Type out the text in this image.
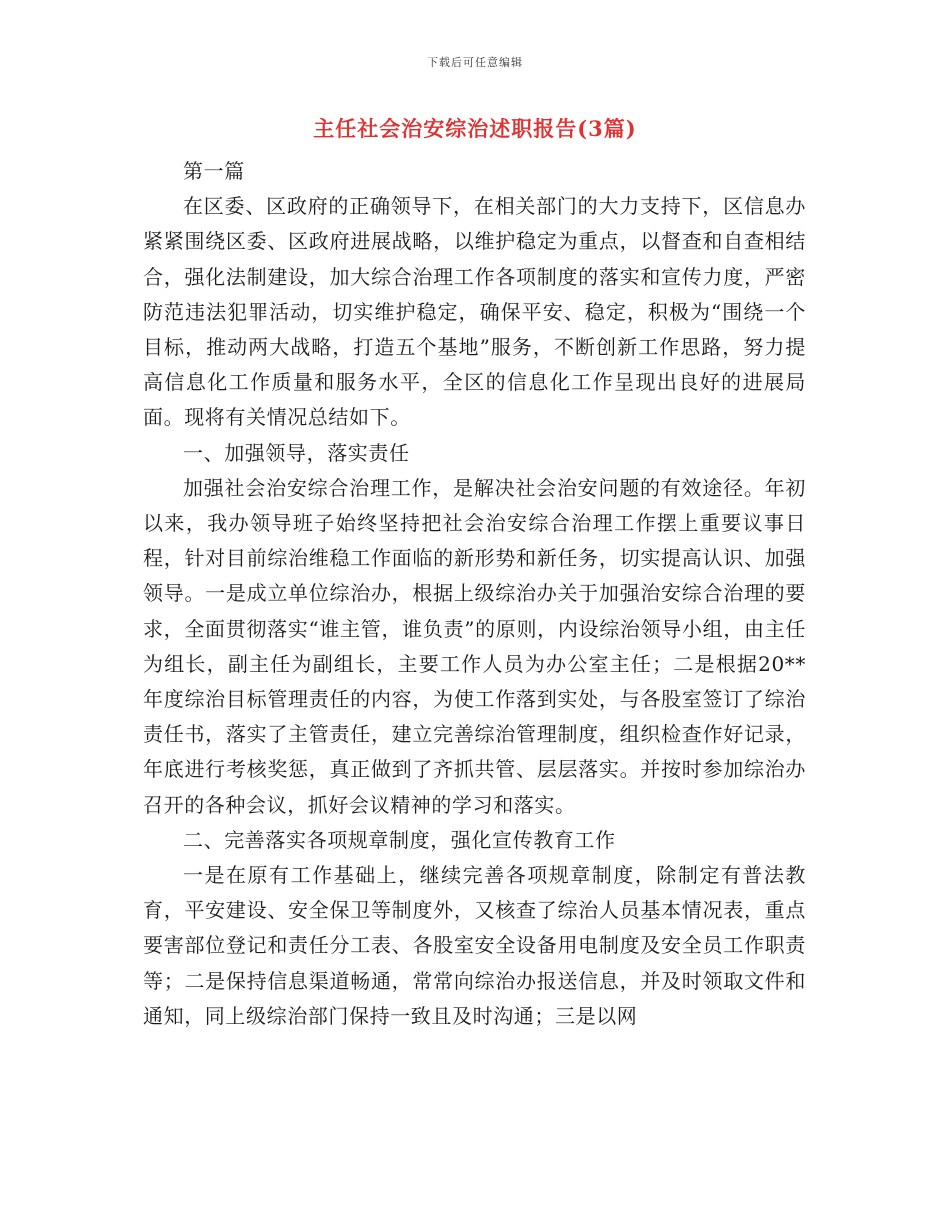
下载后可任意编辑
主任社会治安综治述职报告(3篇)

第一篇

在区委、区政府的正确领导下，在相关部门的大力支持下，区信息办紧紧围绕区委、区政府进展战略，以维护稳定为重点，以督查和自查相结合，强化法制建设，加大综合治理工作各项制度的落实和宣传力度，严密防范违法犯罪活动，切实维护稳定，确保平安、稳定，积极为“围绕一个目标，推动两大战略，打造五个基地”服务，不断创新工作思路，努力提高信息化工作质量和服务水平，全区的信息化工作呈现出良好的进展局面。现将有关情况总结如下。

一、加强领导，落实责任

加强社会治安综合治理工作，是解决社会治安问题的有效途径。年初以来，我办领导班子始终坚持把社会治安综合治理工作摆上重要议事日程，针对目前综治维稳工作面临的新形势和新任务，切实提高认识、加强领导。一是成立单位综治办，根据上级综治办关于加强治安综合治理的要求，全面贯彻落实“谁主管，谁负责”的原则，内设综治领导小组，由主任为组长，副主任为副组长，主要工作人员为办公室主任；二是根据20**年度综治目标管理责任的内容，为使工作落到实处，与各股室签订了综治责任书，落实了主管责任，建立完善综治管理制度，组织检查作好记录，年底进行考核奖惩，真正做到了齐抓共管、层层落实。并按时参加综治办召开的各种会议，抓好会议精神的学习和落实。

二、完善落实各项规章制度，强化宣传教育工作

一是在原有工作基础上，继续完善各项规章制度，除制定有普法教育，平安建设、安全保卫等制度外，又核查了综治人员基本情况表，重点要害部位登记和责任分工表、各股室安全设备用电制度及安全员工作职责等；二是保持信息渠道畅通，常常向综治办报送信息，并及时领取文件和通知，同上级综治部门保持一致且及时沟通；三是以网
